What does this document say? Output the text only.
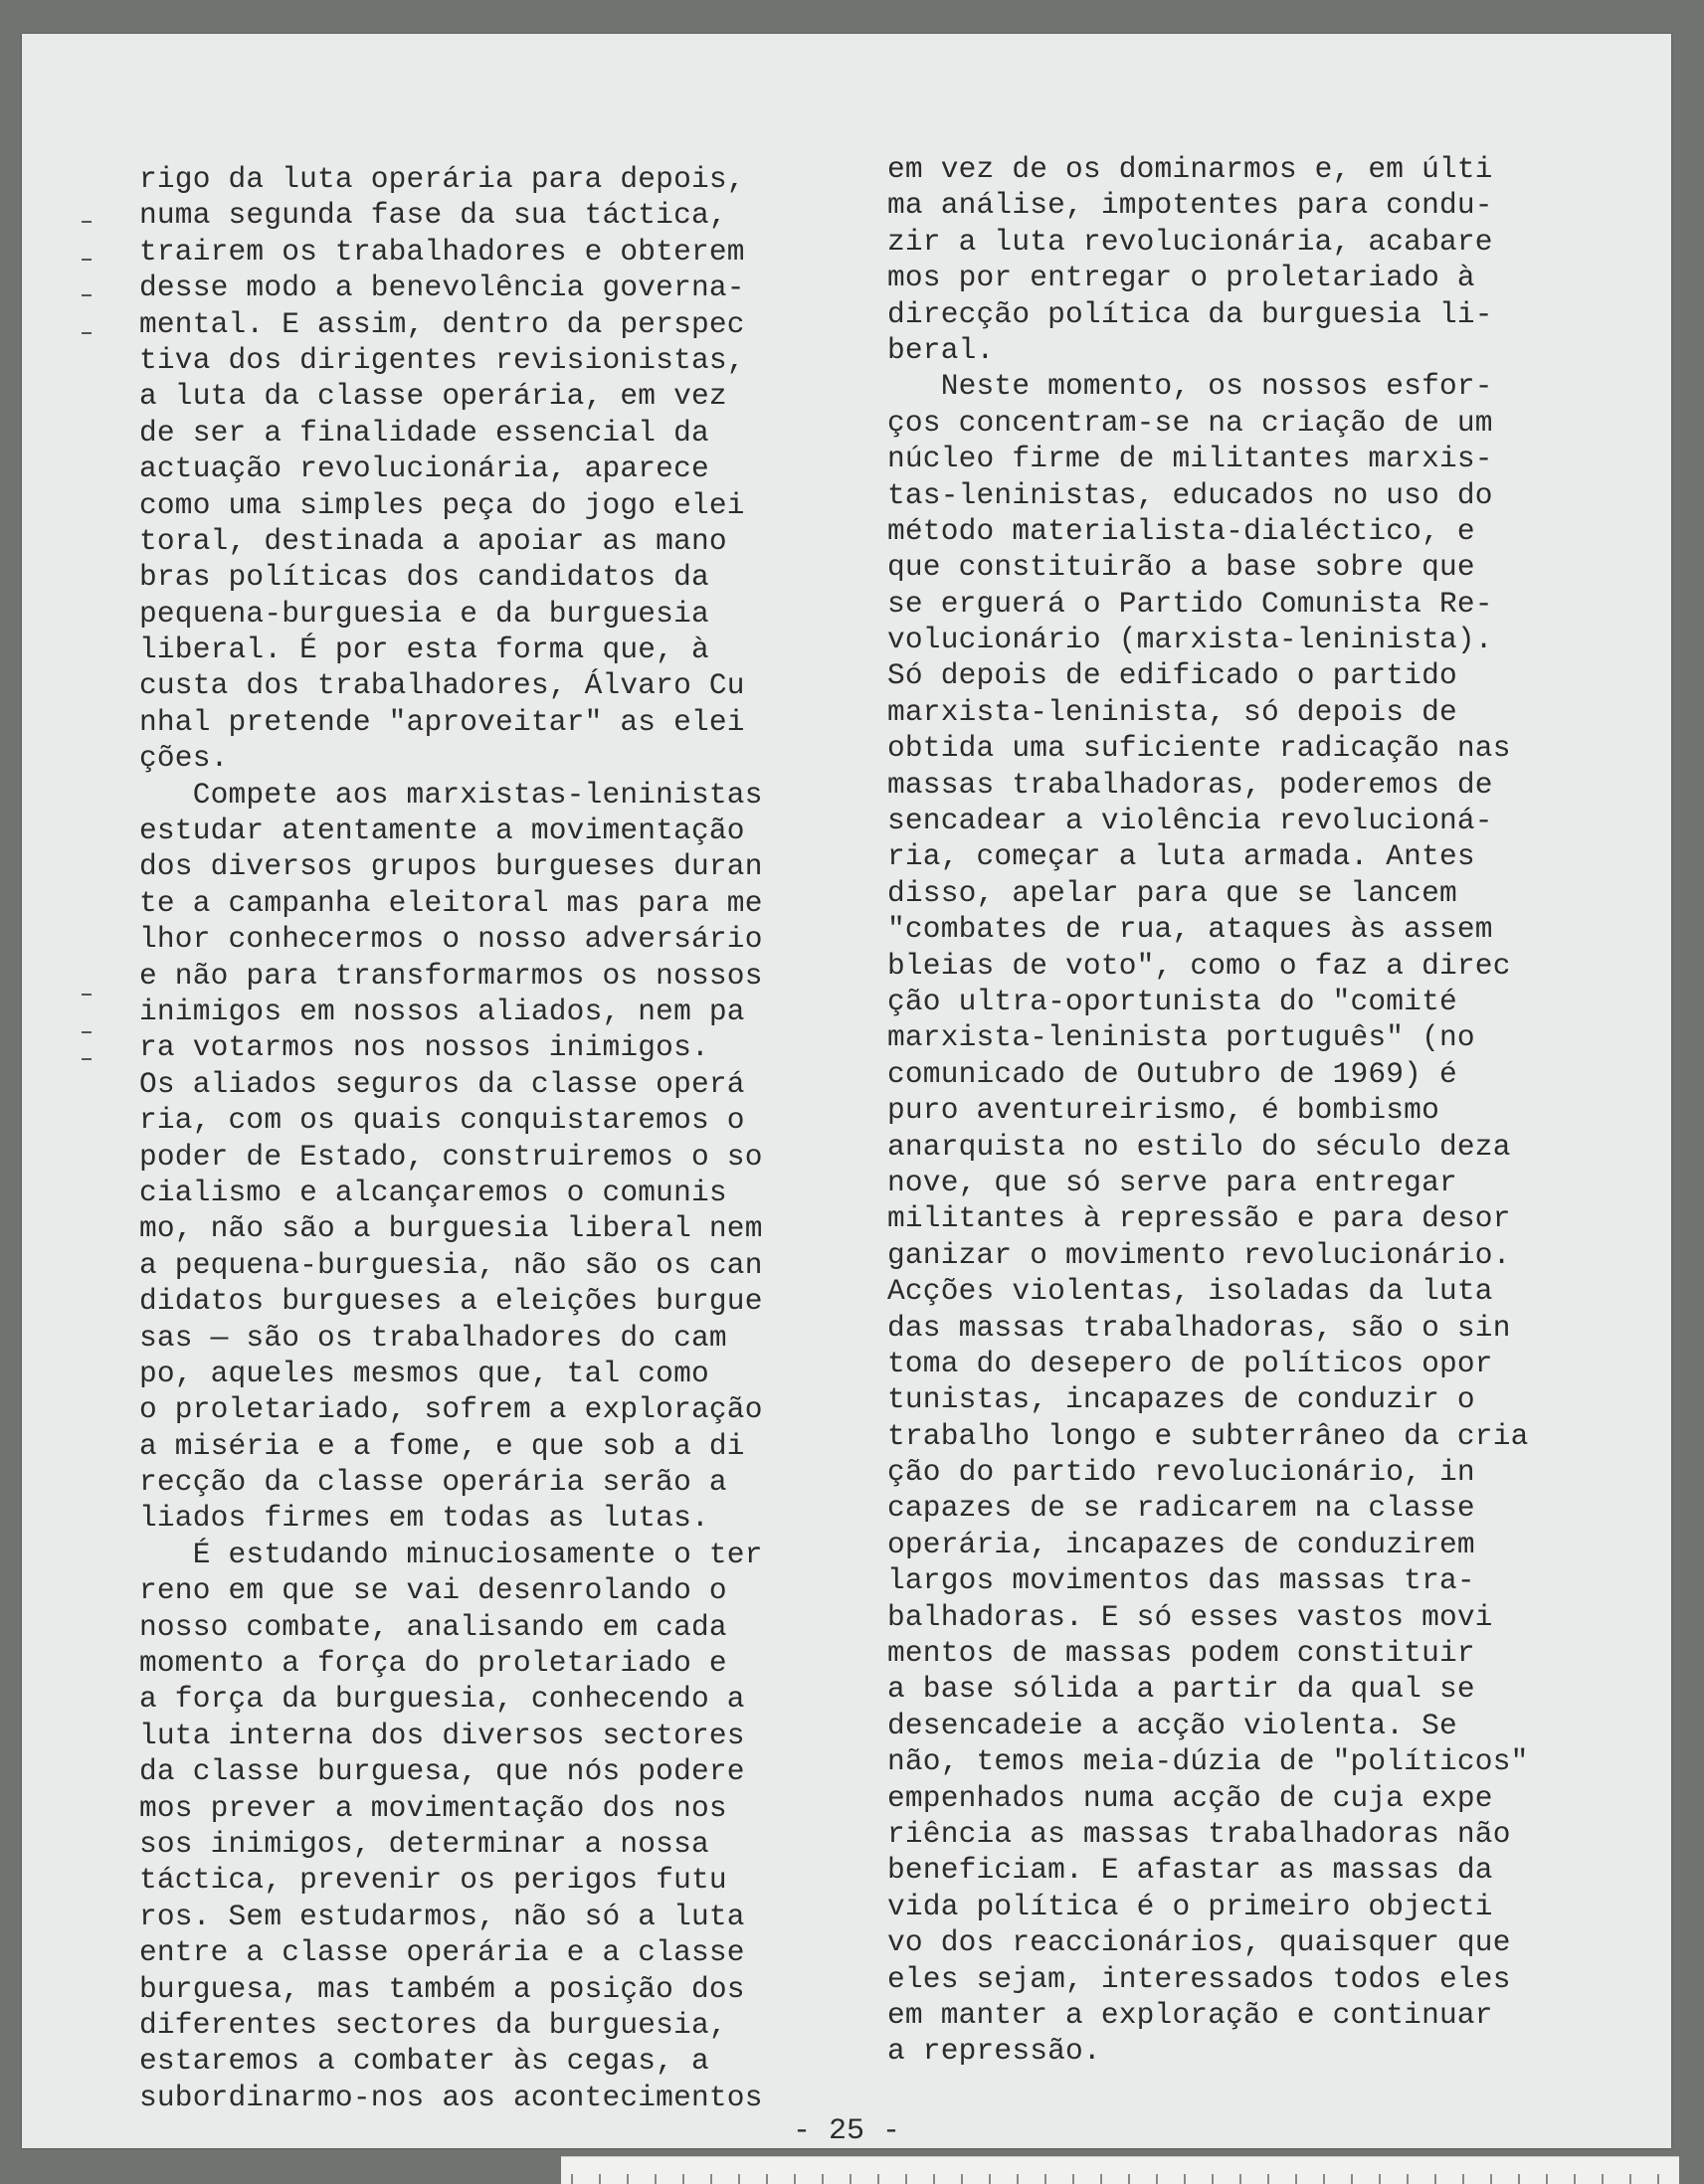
rigo da luta operária para depois,
numa segunda fase da sua táctica,
trairem os trabalhadores e obterem
desse modo a benevolência governa-
mental. E assim, dentro da perspec
tiva dos dirigentes revisionistas,
a luta da classe operária, em vez
de ser a finalidade essencial da
actuação revolucionária, aparece
como uma simples peça do jogo elei
toral, destinada a apoiar as mano
bras políticas dos candidatos da
pequena-burguesia e da burguesia
liberal. É por esta forma que, à
custa dos trabalhadores, Álvaro Cu
nhal pretende "aproveitar" as elei
ções.
Compete aos marxistas-leninistas
estudar atentamente a movimentação
dos diversos grupos burgueses duran
te a campanha eleitoral mas para me
lhor conhecermos o nosso adversário
e não para transformarmos os nossos
inimigos em nossos aliados, nem pa
ra votarmos nos nossos inimigos.
Os aliados seguros da classe operá
ria, com os quais conquistaremos o
poder de Estado, construiremos o so
cialismo e alcançaremos o comunis
mo, não são a burguesia liberal nem
a pequena-burguesia, não são os can
didatos burgueses a eleições burgue
sas — são os trabalhadores do cam
po, aqueles mesmos que, tal como
o proletariado, sofrem a exploração
a miséria e a fome, e que sob a di
recção da classe operária serão a
liados firmes em todas as lutas.
É estudando minuciosamente o ter
reno em que se vai desenrolando o
nosso combate, analisando em cada
momento a força do proletariado e
a força da burguesia, conhecendo a
luta interna dos diversos sectores
da classe burguesa, que nós podere
mos prever a movimentação dos nos
sos inimigos, determinar a nossa
táctica, prevenir os perigos futu
ros. Sem estudarmos, não só a luta
entre a classe operária e a classe
burguesa, mas também a posição dos
diferentes sectores da burguesia,
estaremos a combater às cegas, a
subordinarmo-nos aos acontecimentos
em vez de os dominarmos e, em últi
ma análise, impotentes para condu-
zir a luta revolucionária, acabare
mos por entregar o proletariado à
direcção política da burguesia li-
beral.
Neste momento, os nossos esfor-
ços concentram-se na criação de um
núcleo firme de militantes marxis-
tas-leninistas, educados no uso do
método materialista-dialéctico, e
que constituirão a base sobre que
se erguerá o Partido Comunista Re-
volucionário (marxista-leninista).
Só depois de edificado o partido
marxista-leninista, só depois de
obtida uma suficiente radicação nas
massas trabalhadoras, poderemos de
sencadear a violência revolucioná-
ria, começar a luta armada. Antes
disso, apelar para que se lancem
"combates de rua, ataques às assem
bleias de voto", como o faz a direc
ção ultra-oportunista do "comité
marxista-leninista português" (no
comunicado de Outubro de 1969) é
puro aventureirismo, é bombismo
anarquista no estilo do século deza
nove, que só serve para entregar
militantes à repressão e para desor
ganizar o movimento revolucionário.
Acções violentas, isoladas da luta
das massas trabalhadoras, são o sin
toma do desepero de políticos opor
tunistas, incapazes de conduzir o
trabalho longo e subterrâneo da cria
ção do partido revolucionário, in
capazes de se radicarem na classe
operária, incapazes de conduzirem
largos movimentos das massas tra-
balhadoras. E só esses vastos movi
mentos de massas podem constituir
a base sólida a partir da qual se
desencadeie a acção violenta. Se
não, temos meia-dúzia de "políticos"
empenhados numa acção de cuja expe
riência as massas trabalhadoras não
beneficiam. E afastar as massas da
vida política é o primeiro objecti
vo dos reaccionários, quaisquer que
eles sejam, interessados todos eles
em manter a exploração e continuar
a repressão.
- 25 -
